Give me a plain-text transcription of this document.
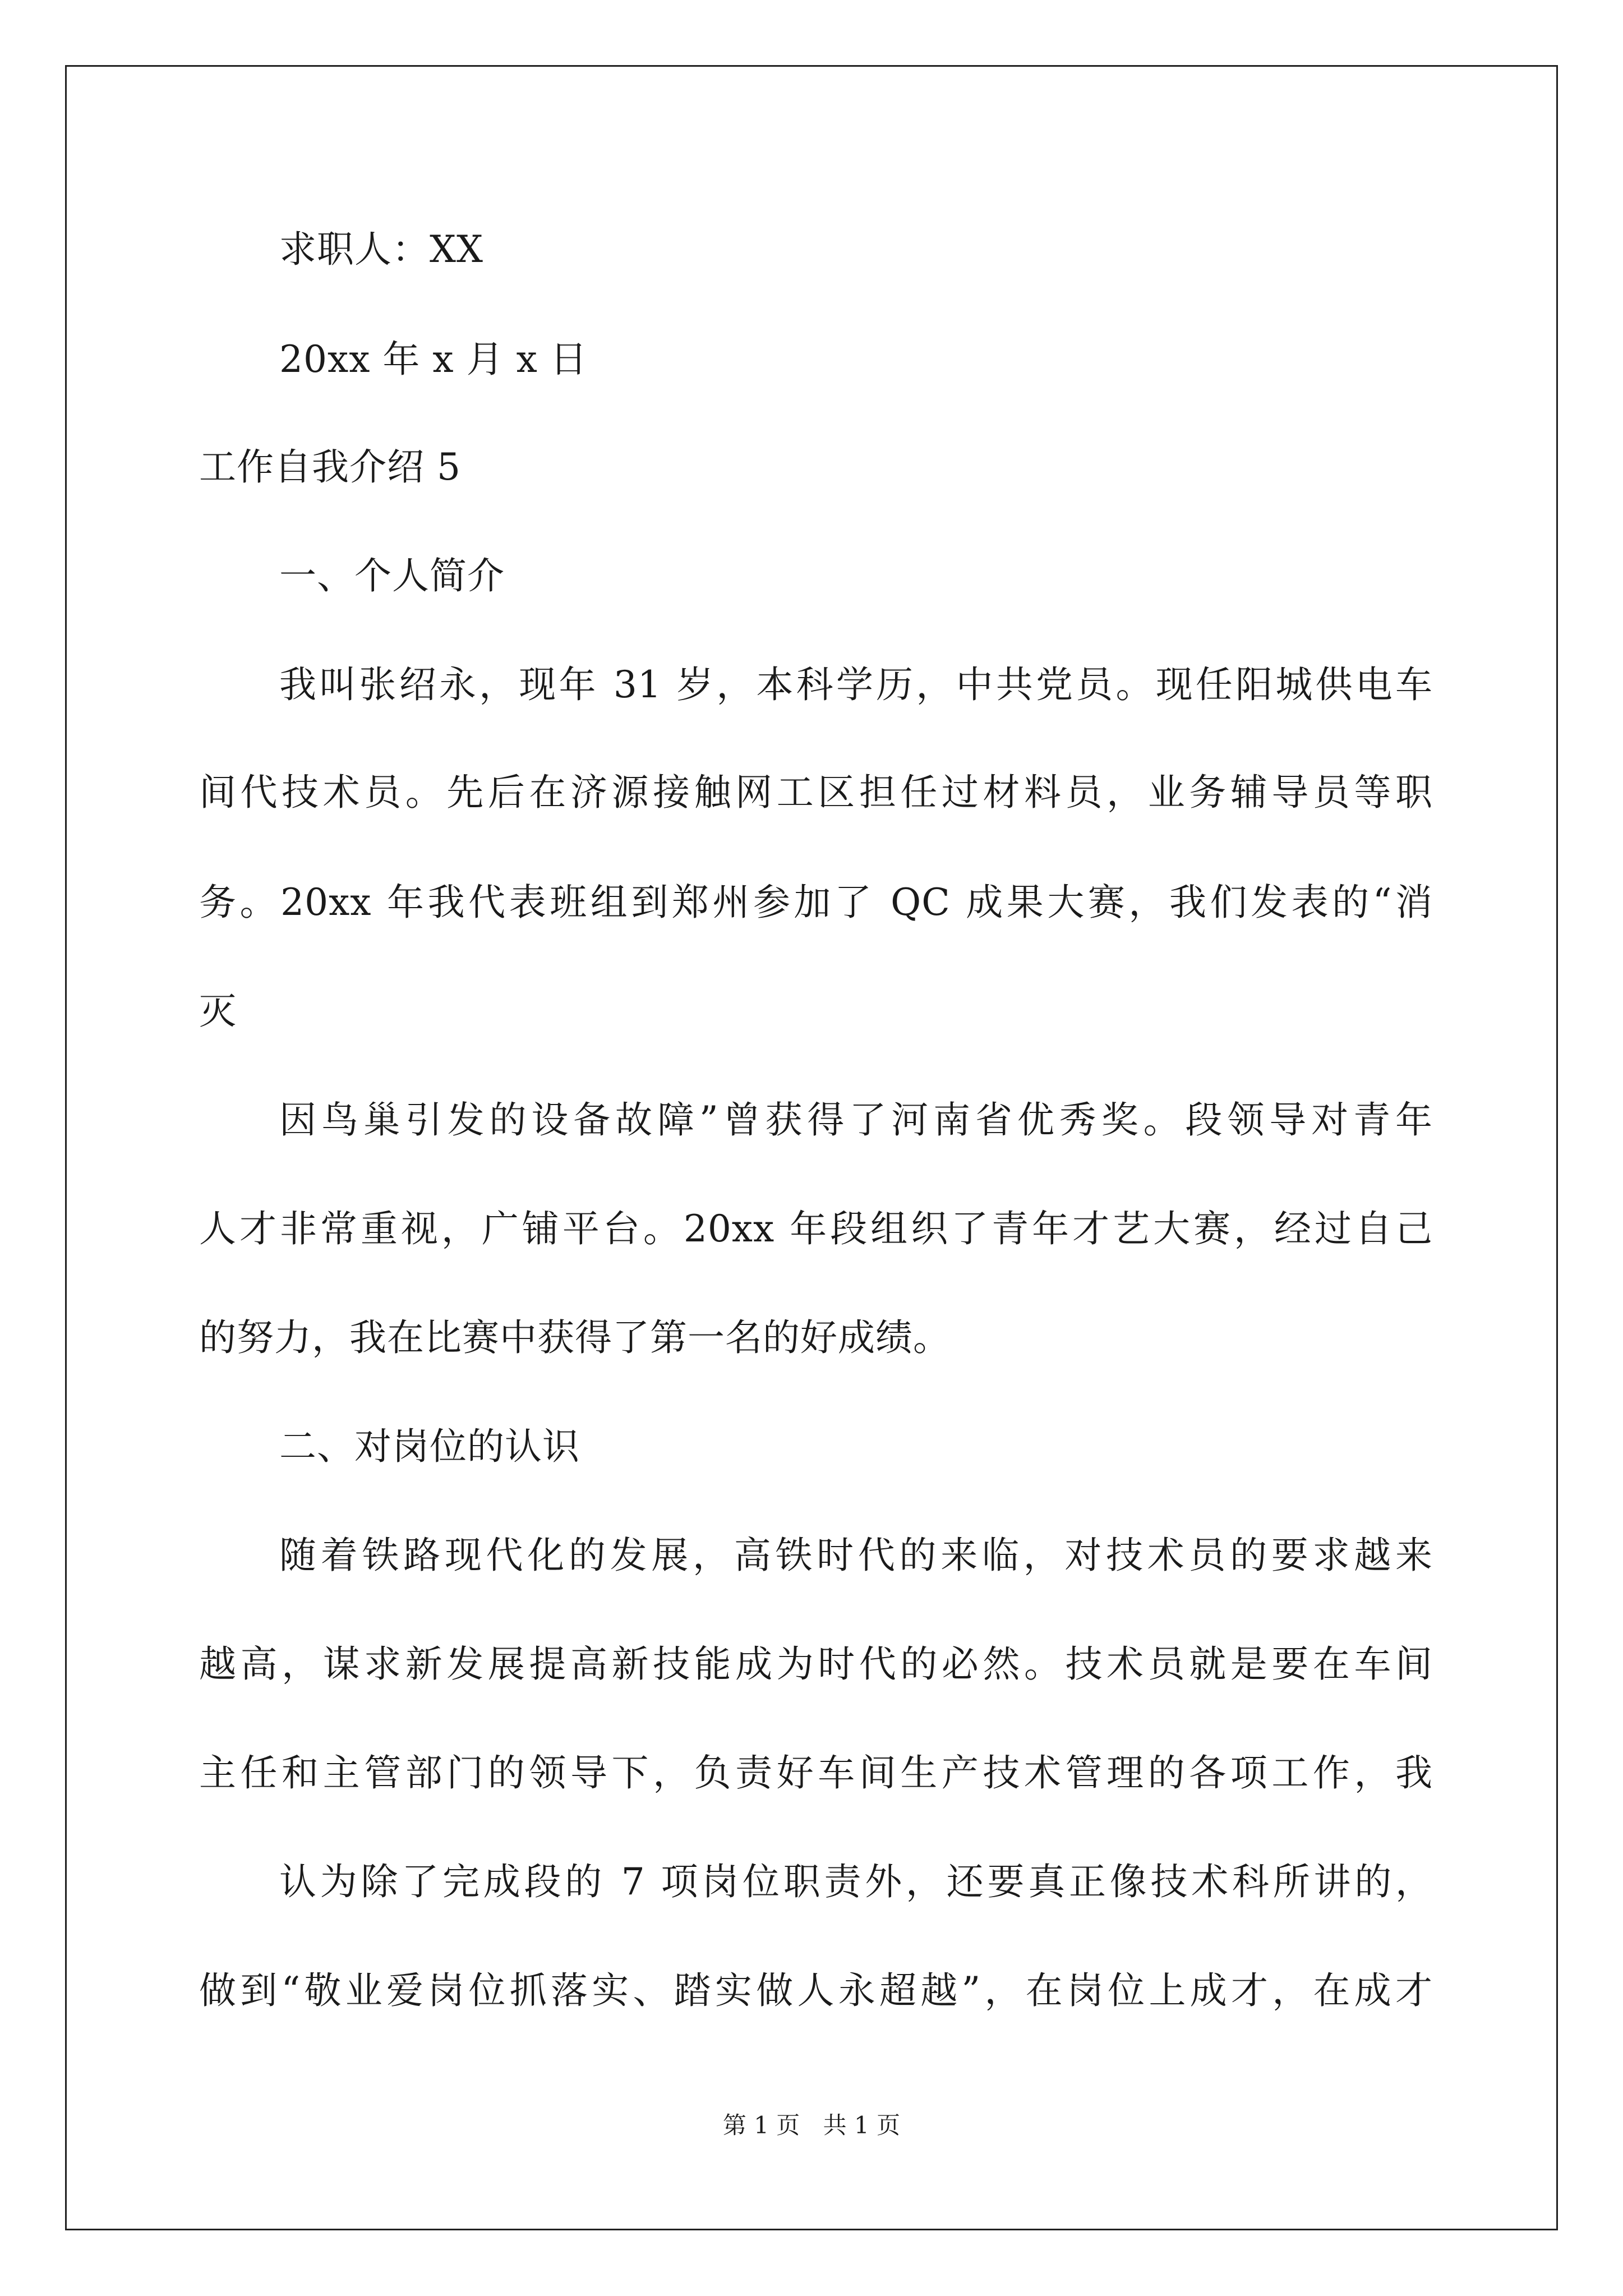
求职人：XX
20xx 年 x 月 x 日
工作自我介绍 5
一、个人简介
我叫张绍永，现年 31 岁，本科学历，中共党员。现任阳城供电车
间代技术员。先后在济源接触网工区担任过材料员，业务辅导员等职
务。20xx 年我代表班组到郑州参加了 QC 成果大赛，我们发表的“消
灭
因鸟巢引发的设备故障”曾获得了河南省优秀奖。段领导对青年
人才非常重视，广铺平台。20xx 年段组织了青年才艺大赛，经过自己
的努力，我在比赛中获得了第一名的好成绩。
二、对岗位的认识
随着铁路现代化的发展，高铁时代的来临，对技术员的要求越来
越高，谋求新发展提高新技能成为时代的必然。技术员就是要在车间
主任和主管部门的领导下，负责好车间生产技术管理的各项工作，我
认为除了完成段的 7 项岗位职责外，还要真正像技术科所讲的，
做到“敬业爱岗位抓落实、踏实做人永超越”，在岗位上成才，在成才
第 1 页 共 1 页
